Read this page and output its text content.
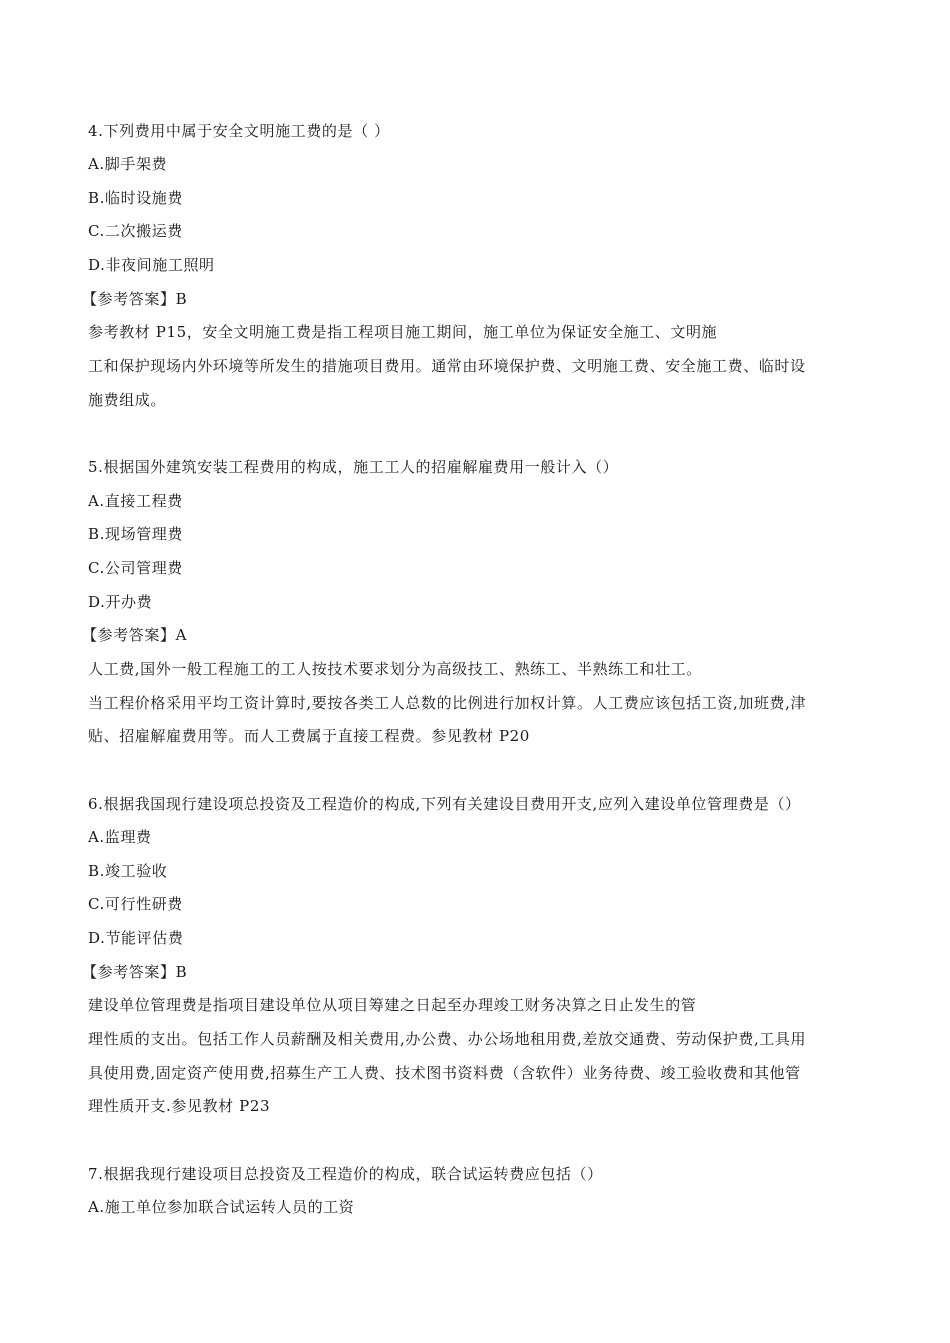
4.下列费用中属于安全文明施工费的是（ ）
A.脚手架费
B.临时设施费
C.二次搬运费
D.非夜间施工照明
【参考答案】B
参考教材 P15，安全文明施工费是指工程项目施工期间，施工单位为保证安全施工、文明施
工和保护现场内外环境等所发生的措施项目费用。通常由环境保护费、文明施工费、安全施工费、临时设
施费组成。
5.根据国外建筑安装工程费用的构成，施工工人的招雇解雇费用一般计入（）
A.直接工程费
B.现场管理费
C.公司管理费
D.开办费
【参考答案】A
人工费,国外一般工程施工的工人按技术要求划分为高级技工、熟练工、半熟练工和壮工。
当工程价格采用平均工资计算时,要按各类工人总数的比例进行加权计算。人工费应该包括工资,加班费,津
贴、招雇解雇费用等。而人工费属于直接工程费。参见教材 P20
6.根据我国现行建设项总投资及工程造价的构成,下列有关建设目费用开支,应列入建设单位管理费是（）
A.监理费
B.竣工验收
C.可行性研费
D.节能评估费
【参考答案】B
建设单位管理费是指项目建设单位从项目筹建之日起至办理竣工财务决算之日止发生的管
理性质的支出。包括工作人员薪酬及相关费用,办公费、办公场地租用费,差放交通费、劳动保护费,工具用
具使用费,固定资产使用费,招募生产工人费、技术图书资料费（含软件）业务待费、竣工验收费和其他管
理性质开支.参见教材 P23
7.根据我现行建设项目总投资及工程造价的构成，联合试运转费应包括（）
A.施工单位参加联合试运转人员的工资
